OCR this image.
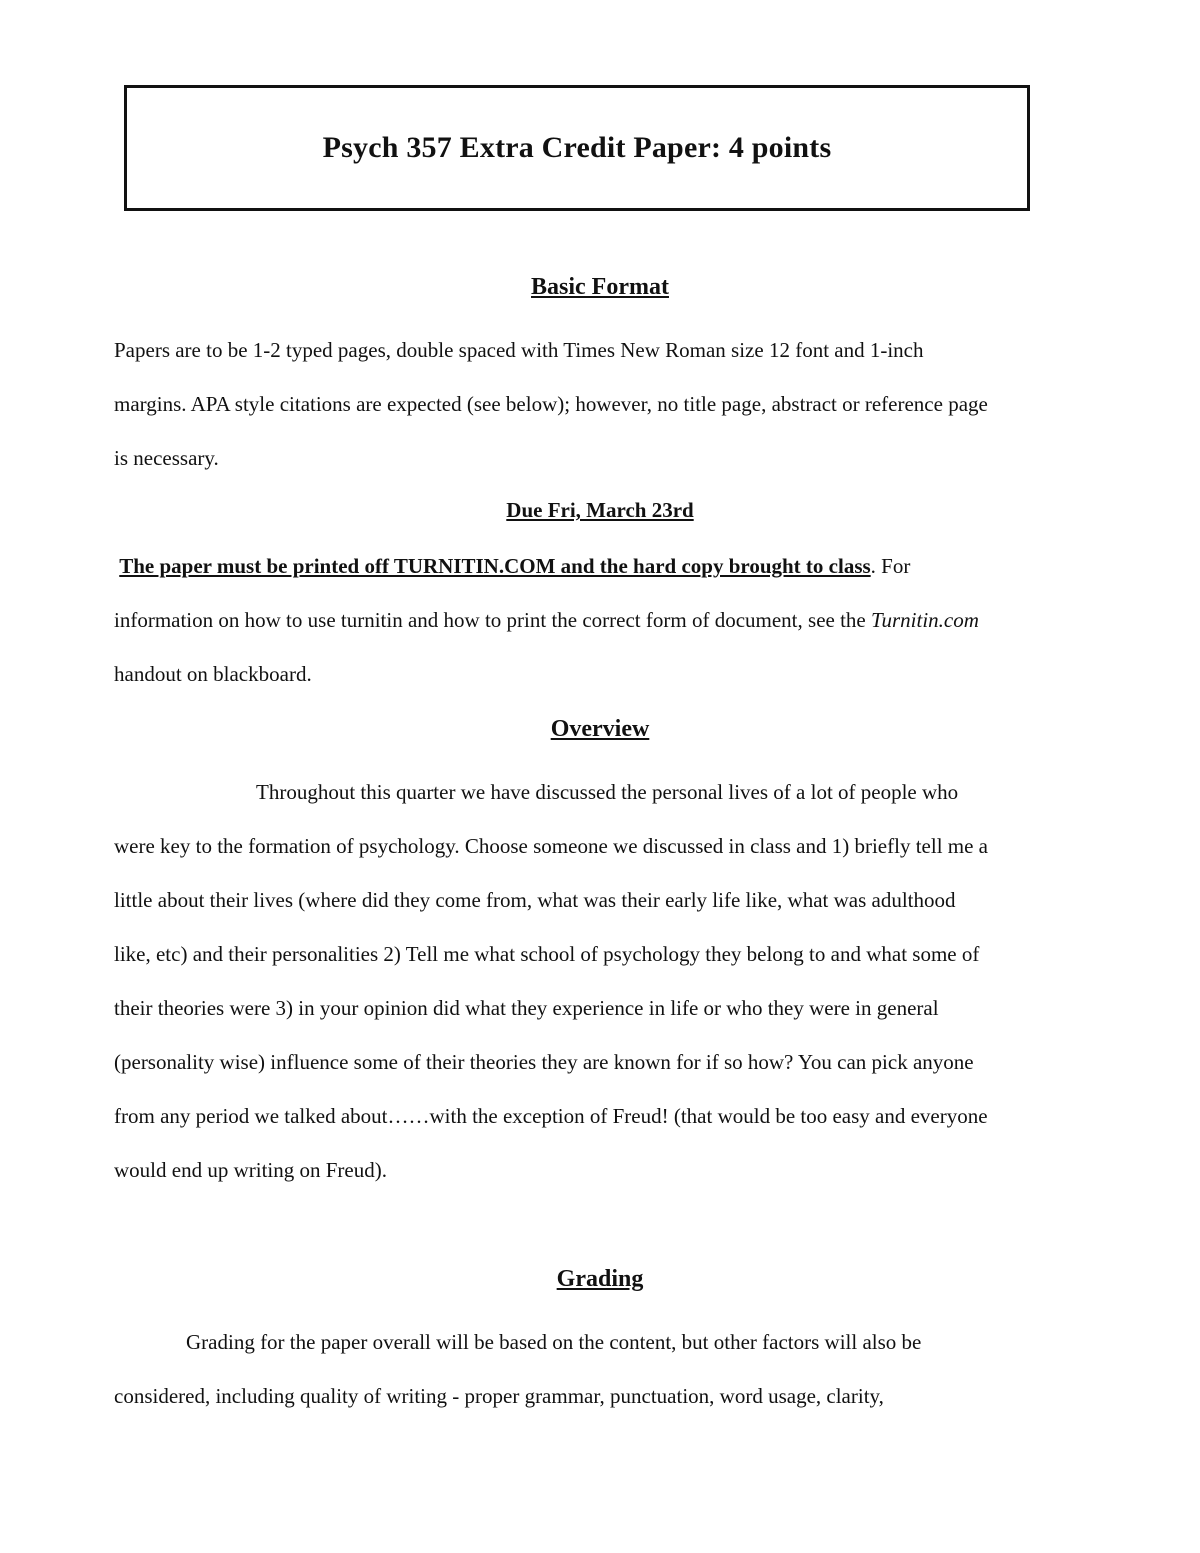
Psych 357 Extra Credit Paper: 4 points
Basic Format

Papers are to be 1-2 typed pages, double spaced with Times New Roman size 12 font and 1-inch
margins. APA style citations are expected (see below); however, no title page, abstract or reference page
is necessary.

Due Fri, March 23rd

The paper must be printed off TURNITIN.COM and the hard copy brought to class. For
information on how to use turnitin and how to print the correct form of document, see the Turnitin.com
handout on blackboard.

Overview

Throughout this quarter we have discussed the personal lives of a lot of people who
were key to the formation of psychology. Choose someone we discussed in class and 1) briefly tell me a
little about their lives (where did they come from, what was their early life like, what was adulthood
like, etc) and their personalities 2) Tell me what school of psychology they belong to and what some of
their theories were 3) in your opinion did what they experience in life or who they were in general
(personality wise) influence some of their theories they are known for if so how? You can pick anyone
from any period we talked about……with the exception of Freud! (that would be too easy and everyone
would end up writing on Freud).

Grading

Grading for the paper overall will be based on the content, but other factors will also be
considered, including quality of writing - proper grammar, punctuation, word usage, clarity,
